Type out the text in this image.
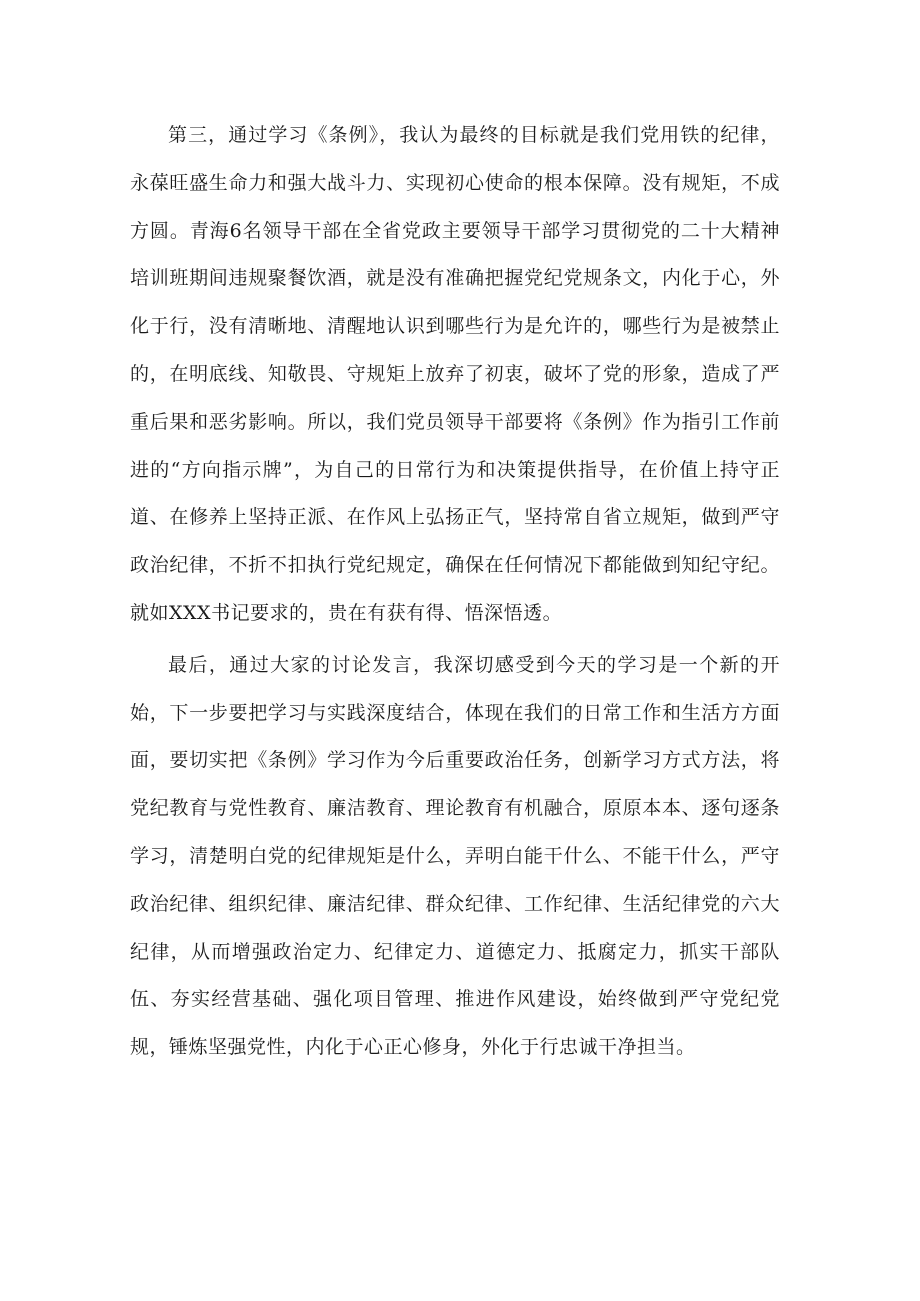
第三，通过学习《条例》，我认为最终的目标就是我们党用铁的纪律，永葆旺盛生命力和强大战斗力、实现初心使命的根本保障。没有规矩，不成方圆。青海6名领导干部在全省党政主要领导干部学习贯彻党的二十大精神培训班期间违规聚餐饮酒，就是没有准确把握党纪党规条文，内化于心，外化于行，没有清晰地、清醒地认识到哪些行为是允许的，哪些行为是被禁止的，在明底线、知敬畏、守规矩上放弃了初衷，破坏了党的形象，造成了严重后果和恶劣影响。所以，我们党员领导干部要将《条例》作为指引工作前进的“方向指示牌”，为自己的日常行为和决策提供指导，在价值上持守正道、在修养上坚持正派、在作风上弘扬正气，坚持常自省立规矩，做到严守政治纪律，不折不扣执行党纪规定，确保在任何情况下都能做到知纪守纪。就如XXX书记要求的，贵在有获有得、悟深悟透。

最后，通过大家的讨论发言，我深切感受到今天的学习是一个新的开始，下一步要把学习与实践深度结合，体现在我们的日常工作和生活方方面面，要切实把《条例》学习作为今后重要政治任务，创新学习方式方法，将党纪教育与党性教育、廉洁教育、理论教育有机融合，原原本本、逐句逐条学习，清楚明白党的纪律规矩是什么，弄明白能干什么、不能干什么，严守政治纪律、组织纪律、廉洁纪律、群众纪律、工作纪律、生活纪律党的六大纪律，从而增强政治定力、纪律定力、道德定力、抵腐定力，抓实干部队伍、夯实经营基础、强化项目管理、推进作风建设，始终做到严守党纪党规，锤炼坚强党性，内化于心正心修身，外化于行忠诚干净担当。
